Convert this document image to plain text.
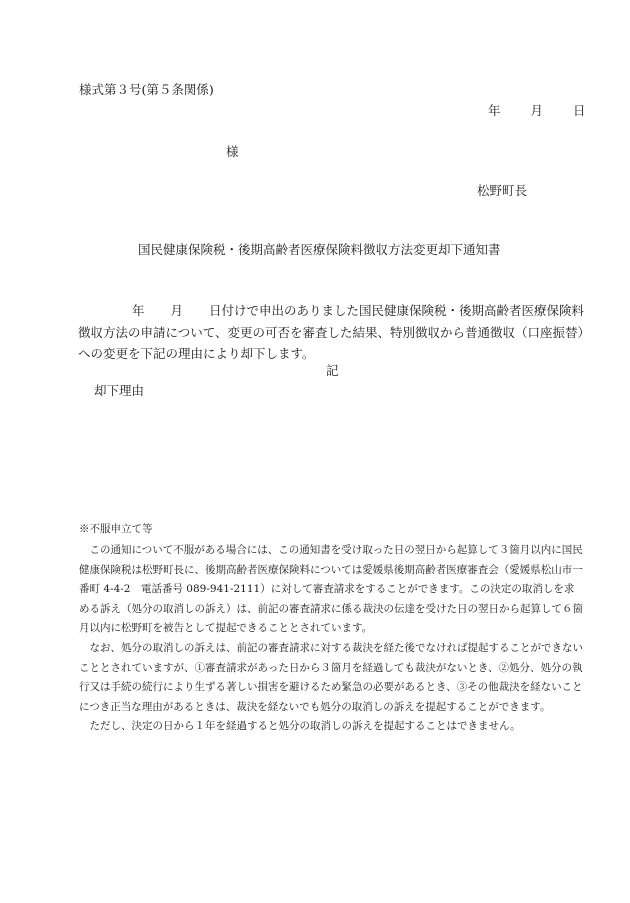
様式第３号(第５条関係)
年 月 日
様
松野町長
国民健康保険税・後期高齢者医療保険料徴収方法変更却下通知書
年 月 日付けで申出のありました国民健康保険税・後期高齢者医療保険料徴収方法の申請について、変更の可否を審査した結果、特別徴収から普通徴収（口座振替）への変更を下記の理由により却下します。
記
却下理由
※不服申立て等

この通知について不服がある場合には、この通知書を受け取った日の翌日から起算して３箇月以内に国民健康保険税は松野町長に、後期高齢者医療保険料については愛媛県後期高齢者医療審査会（愛媛県松山市一番町 4-4-2　電話番号 089-941-2111）に対して審査請求をすることができます。この決定の取消しを求める訴え（処分の取消しの訴え）は、前記の審査請求に係る裁決の伝達を受けた日の翌日から起算して６箇月以内に松野町を被告として提起できることとされています。

なお、処分の取消しの訴えは、前記の審査請求に対する裁決を経た後でなければ提起することができないこととされていますが、①審査請求があった日から３箇月を経過しても裁決がないとき、②処分、処分の執行又は手続の続行により生ずる著しい損害を避けるため緊急の必要があるとき、③その他裁決を経ないことにつき正当な理由があるときは、裁決を経ないでも処分の取消しの訴えを提起することができます。

ただし、決定の日から１年を経過すると処分の取消しの訴えを提起することはできません。
